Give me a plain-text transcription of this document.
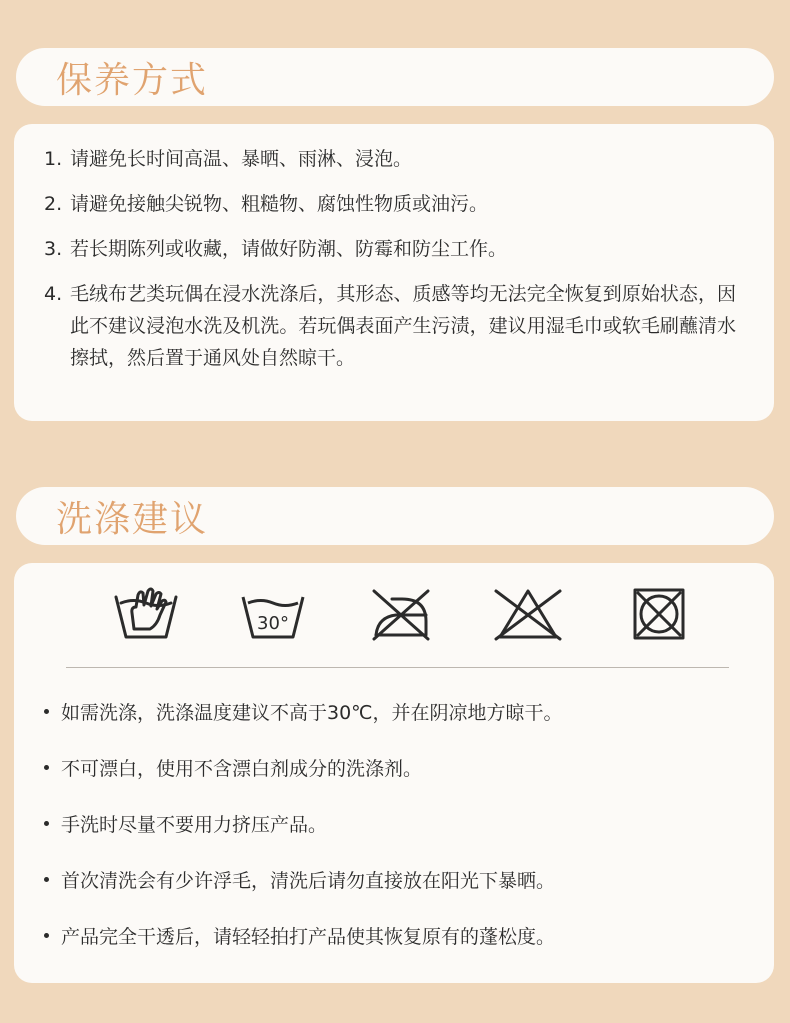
保养方式
1. 请避免长时间高温、暴晒、雨淋、浸泡。
2. 请避免接触尖锐物、粗糙物、腐蚀性物质或油污。
3. 若长期陈列或收藏，请做好防潮、防霉和防尘工作。
4. 毛绒布艺类玩偶在浸水洗涤后，其形态、质感等均无法完全恢复到原始状态，因此不建议浸泡水洗及机洗。若玩偶表面产生污渍，建议用湿毛巾或软毛刷蘸清水擦拭，然后置于通风处自然晾干。
洗涤建议
30°
如需洗涤，洗涤温度建议不高于30℃，并在阴凉地方晾干。
不可漂白，使用不含漂白剂成分的洗涤剂。
手洗时尽量不要用力挤压产品。
首次清洗会有少许浮毛，清洗后请勿直接放在阳光下暴晒。
产品完全干透后，请轻轻拍打产品使其恢复原有的蓬松度。
